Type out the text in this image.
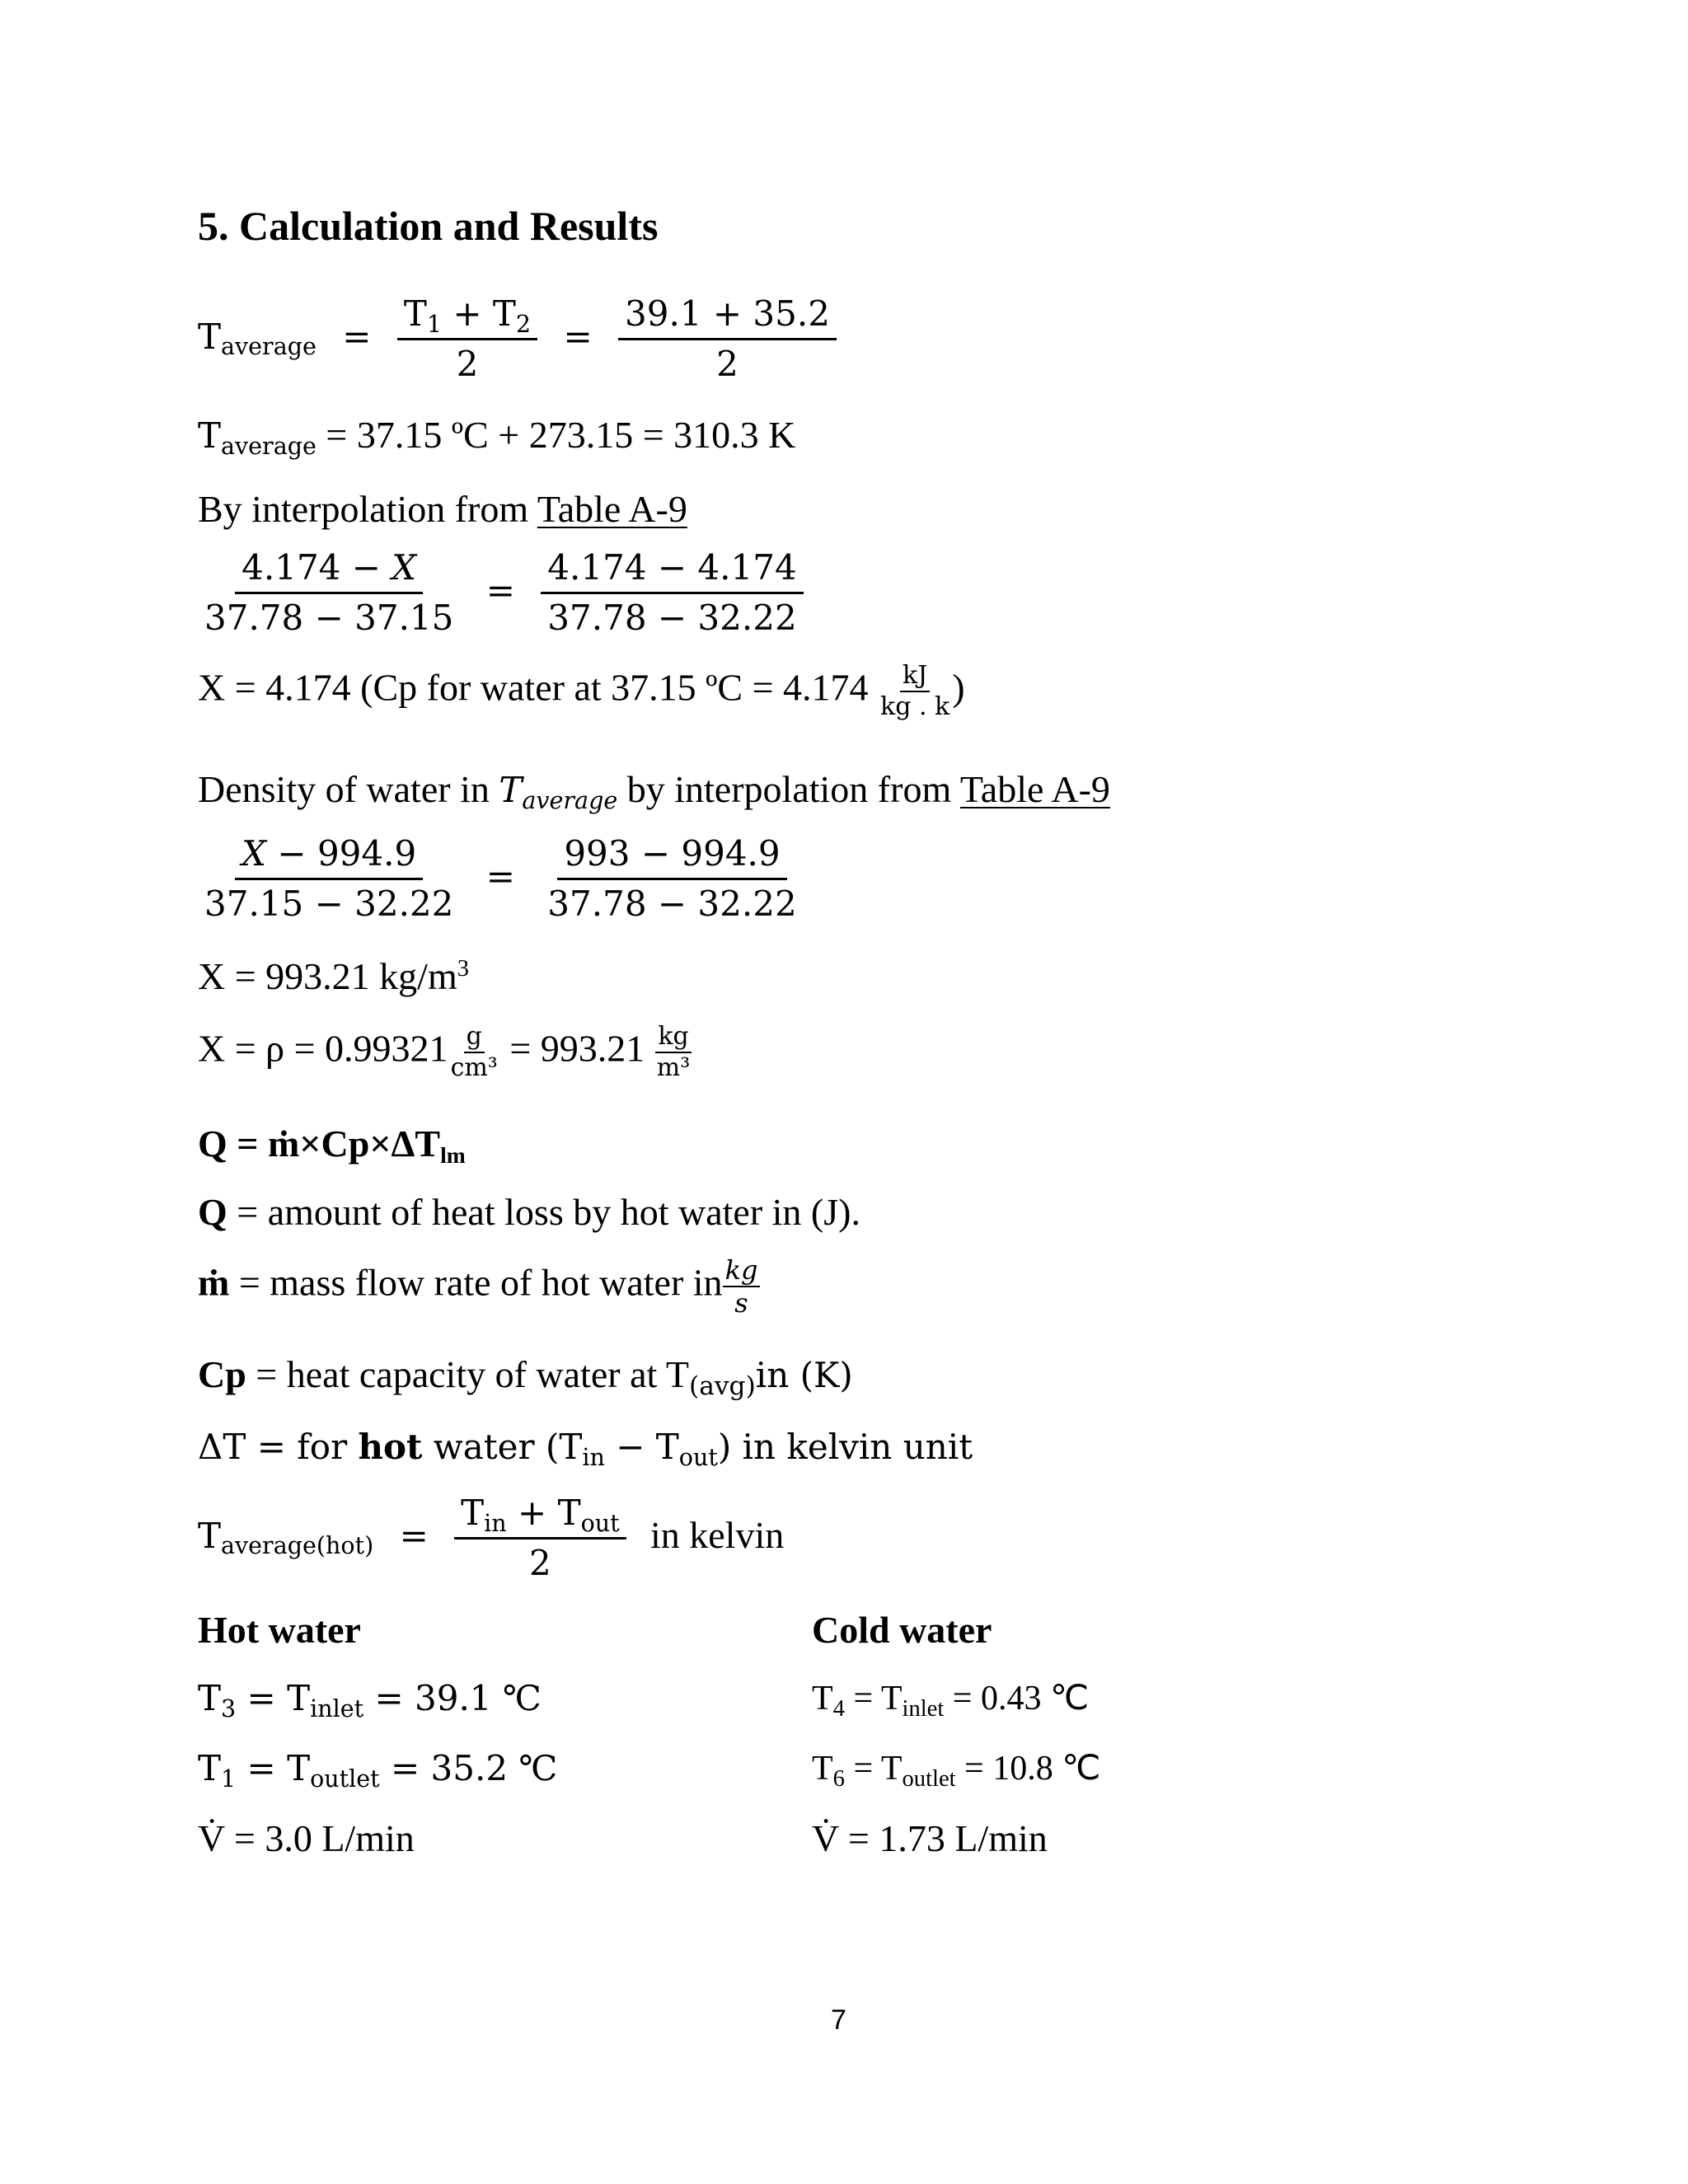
5. Calculation and Results
Taverage = $\frac{T1 + T2}{2} = \frac{39.1 + 35.2}{2}$
Taverage = 37.15 ºC + 273.15 = 310.3 K
By interpolation from Table A-9
$\frac{4.174 - X}{37.78 - 37.15} = \frac{4.174 - 4.174}{37.78 - 32.22}$
X = 4.174 (Cp for water at 37.15 ºC = $4.174 \frac{kJ}{kg . k}$ )
Density of water in Taverage by interpolation from Table A-9
$\frac{X - 994.9}{37.15 - 32.22} = \frac{993 - 994.9}{37.78 - 32.22}$
X = 993.21 $kg/m^3$
$X = \rho = 0.99321 \frac{g}{\text{cm³}} = 993.21 \frac{kg}{\text{m³}}$
Q = ṁ×Cp×ΔTlm
Q = amount of heat loss by hot water in (J).
ṁ = mass flow rate of hot water in $\frac{kg}{s}$
Cp = heat capacity of water at T(avg)in (K)
ΔT = for hot water (Tin − Tout) in kelvin unit
Taverage(hot) = $\frac{\text{Tin + Tout}}{2}$ in kelvin
Hot water
T3 = Tinlet = 39.1 ℃
T1 = Toutlet = 35.2 ℃
V̇ = 3.0 L/min
Cold water
T4 = Tinlet = 0.43 ℃
T6 = Toutlet = 10.8 ℃
V̇ = 1.73 L/min
7
